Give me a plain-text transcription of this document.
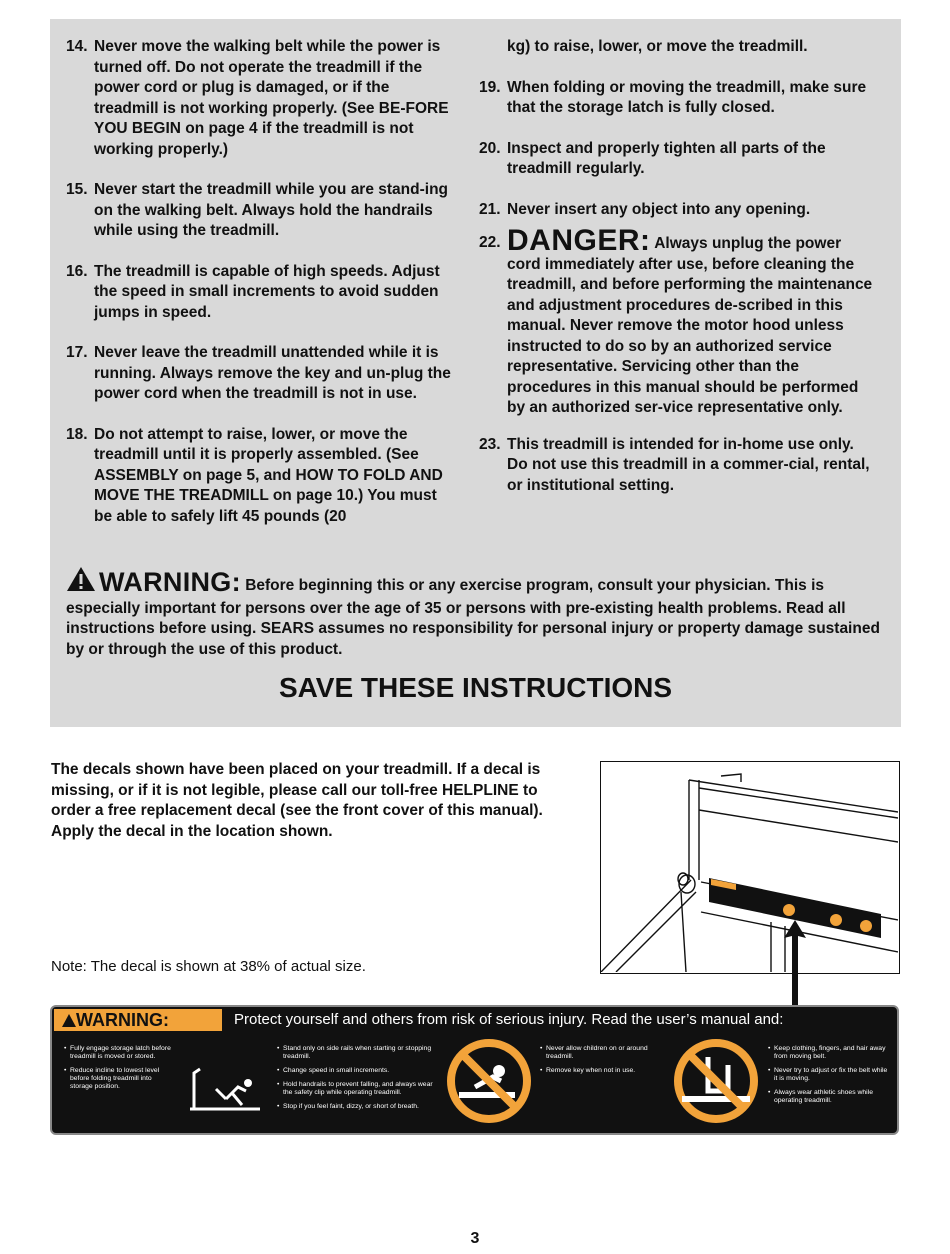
14. Never move the walking belt while the power is turned off. Do not operate the treadmill if the power cord or plug is damaged, or if the treadmill is not working properly. (See BE-FORE YOU BEGIN on page 4 if the treadmill is not working properly.)
15. Never start the treadmill while you are stand-ing on the walking belt. Always hold the handrails while using the treadmill.
16. The treadmill is capable of high speeds. Adjust the speed in small increments to avoid sudden jumps in speed.
17. Never leave the treadmill unattended while it is running. Always remove the key and un-plug the power cord when the treadmill is not in use.
18. Do not attempt to raise, lower, or move the treadmill until it is properly assembled. (See ASSEMBLY on page 5, and HOW TO FOLD AND MOVE THE TREADMILL on page 10.) You must be able to safely lift 45 pounds (20
kg) to raise, lower, or move the treadmill.
19. When folding or moving the treadmill, make sure that the storage latch is fully closed.
20. Inspect and properly tighten all parts of the treadmill regularly.
21. Never insert any object into any opening.
22. DANGER: Always unplug the power cord immediately after use, before cleaning the treadmill, and before performing the maintenance and adjustment procedures de-scribed in this manual. Never remove the motor hood unless instructed to do so by an authorized service representative. Servicing other than the procedures in this manual should be performed by an authorized ser-vice representative only.
23. This treadmill is intended for in-home use only. Do not use this treadmill in a commer-cial, rental, or institutional setting.
WARNING: Before beginning this or any exercise program, consult your physician. This is especially important for persons over the age of 35 or persons with pre-existing health problems. Read all instructions before using. SEARS assumes no responsibility for personal injury or property damage sustained by or through the use of this product.
SAVE THESE INSTRUCTIONS
The decals shown have been placed on your treadmill. If a decal is missing, or if it is not legible, please call our toll-free HELPLINE to order a free replacement decal (see the front cover of this manual). Apply the decal in the location shown.
Note: The decal is shown at 38% of actual size.
WARNING:	Protect yourself and others from risk of serious injury. Read the user’s manual and:
• Fully engage storage latch before treadmill is moved or stored.
• Reduce incline to lowest level before folding treadmill into storage position.
• Stand only on side rails when starting or stopping treadmill.
• Change speed in small increments.
• Hold handrails to prevent falling, and always wear the safety clip while operating treadmill.
• Stop if you feel faint, dizzy, or short of breath.
• Never allow children on or around treadmill.
• Remove key when not in use.
• Keep clothing, fingers, and hair away from moving belt.
• Never try to adjust or fix the belt while it is moving.
• Always wear athletic shoes while operating treadmill.
3
